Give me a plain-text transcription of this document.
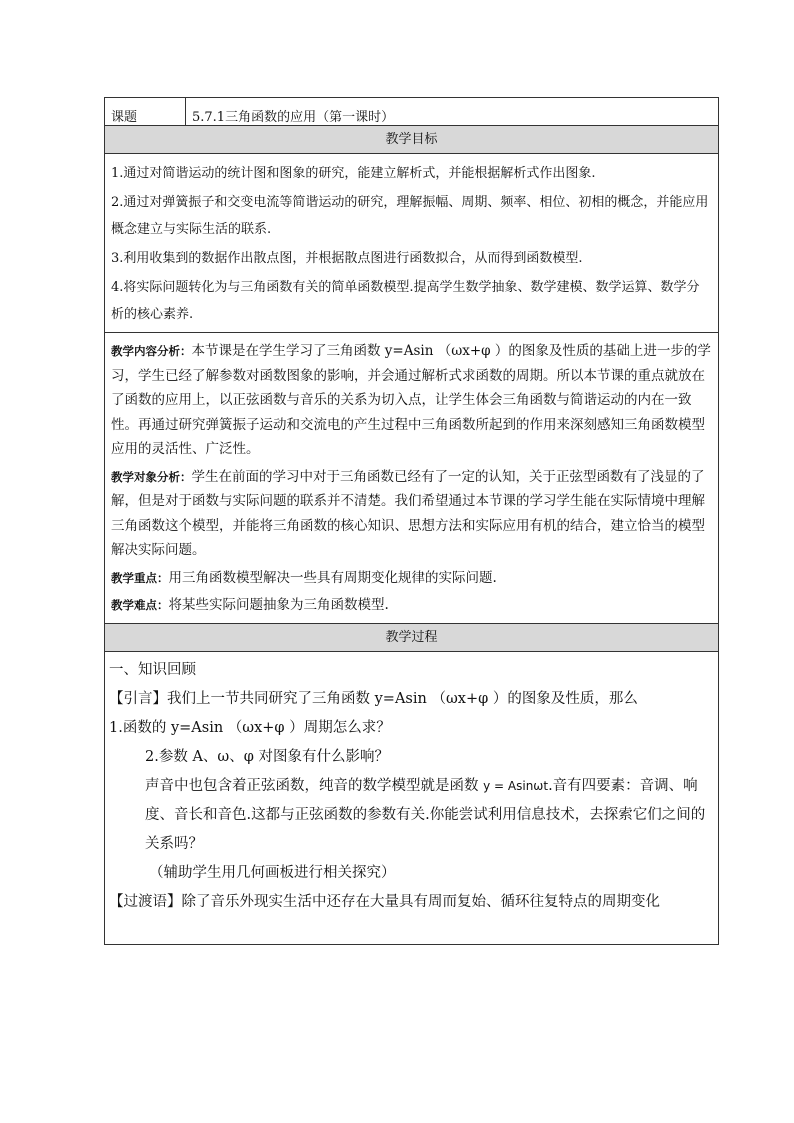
课题	5.7.1三角函数的应用（第一课时）
教学目标

1.通过对简谐运动的统计图和图象的研究，能建立解析式，并能根据解析式作出图象.

2.通过对弹簧振子和交变电流等简谐运动的研究，理解振幅、周期、频率、相位、初相的概念，并能应用概念建立与实际生活的联系.

3.利用收集到的数据作出散点图，并根据散点图进行函数拟合，从而得到函数模型.

4.将实际问题转化为与三角函数有关的简单函数模型.提高学生数学抽象、数学建模、数学运算、数学分析的核心素养.

教学内容分析：本节课是在学生学习了三角函数 y=Asin （ωx+φ ）的图象及性质的基础上进一步的学习，学生已经了解参数对函数图象的影响，并会通过解析式求函数的周期。所以本节课的重点就放在了函数的应用上，以正弦函数与音乐的关系为切入点，让学生体会三角函数与简谐运动的内在一致性。再通过研究弹簧振子运动和交流电的产生过程中三角函数所起到的作用来深刻感知三角函数模型应用的灵活性、广泛性。

教学对象分析：学生在前面的学习中对于三角函数已经有了一定的认知，关于正弦型函数有了浅显的了解，但是对于函数与实际问题的联系并不清楚。我们希望通过本节课的学习学生能在实际情境中理解三角函数这个模型，并能将三角函数的核心知识、思想方法和实际应用有机的结合，建立恰当的模型解决实际问题。

教学重点：用三角函数模型解决一些具有周期变化规律的实际问题.

教学难点：将某些实际问题抽象为三角函数模型.

教学过程

一、知识回顾

【引言】我们上一节共同研究了三角函数 y=Asin （ωx+φ ）的图象及性质，那么

1.函数的 y=Asin （ωx+φ ）周期怎么求？

2.参数 A、ω、φ 对图象有什么影响？

声音中也包含着正弦函数，纯音的数学模型就是函数 y = Asinωt.音有四要素：音调、响度、音长和音色.这都与正弦函数的参数有关.你能尝试利用信息技术，去探索它们之间的关系吗？

（辅助学生用几何画板进行相关探究）

【过渡语】除了音乐外现实生活中还存在大量具有周而复始、循环往复特点的周期变化
